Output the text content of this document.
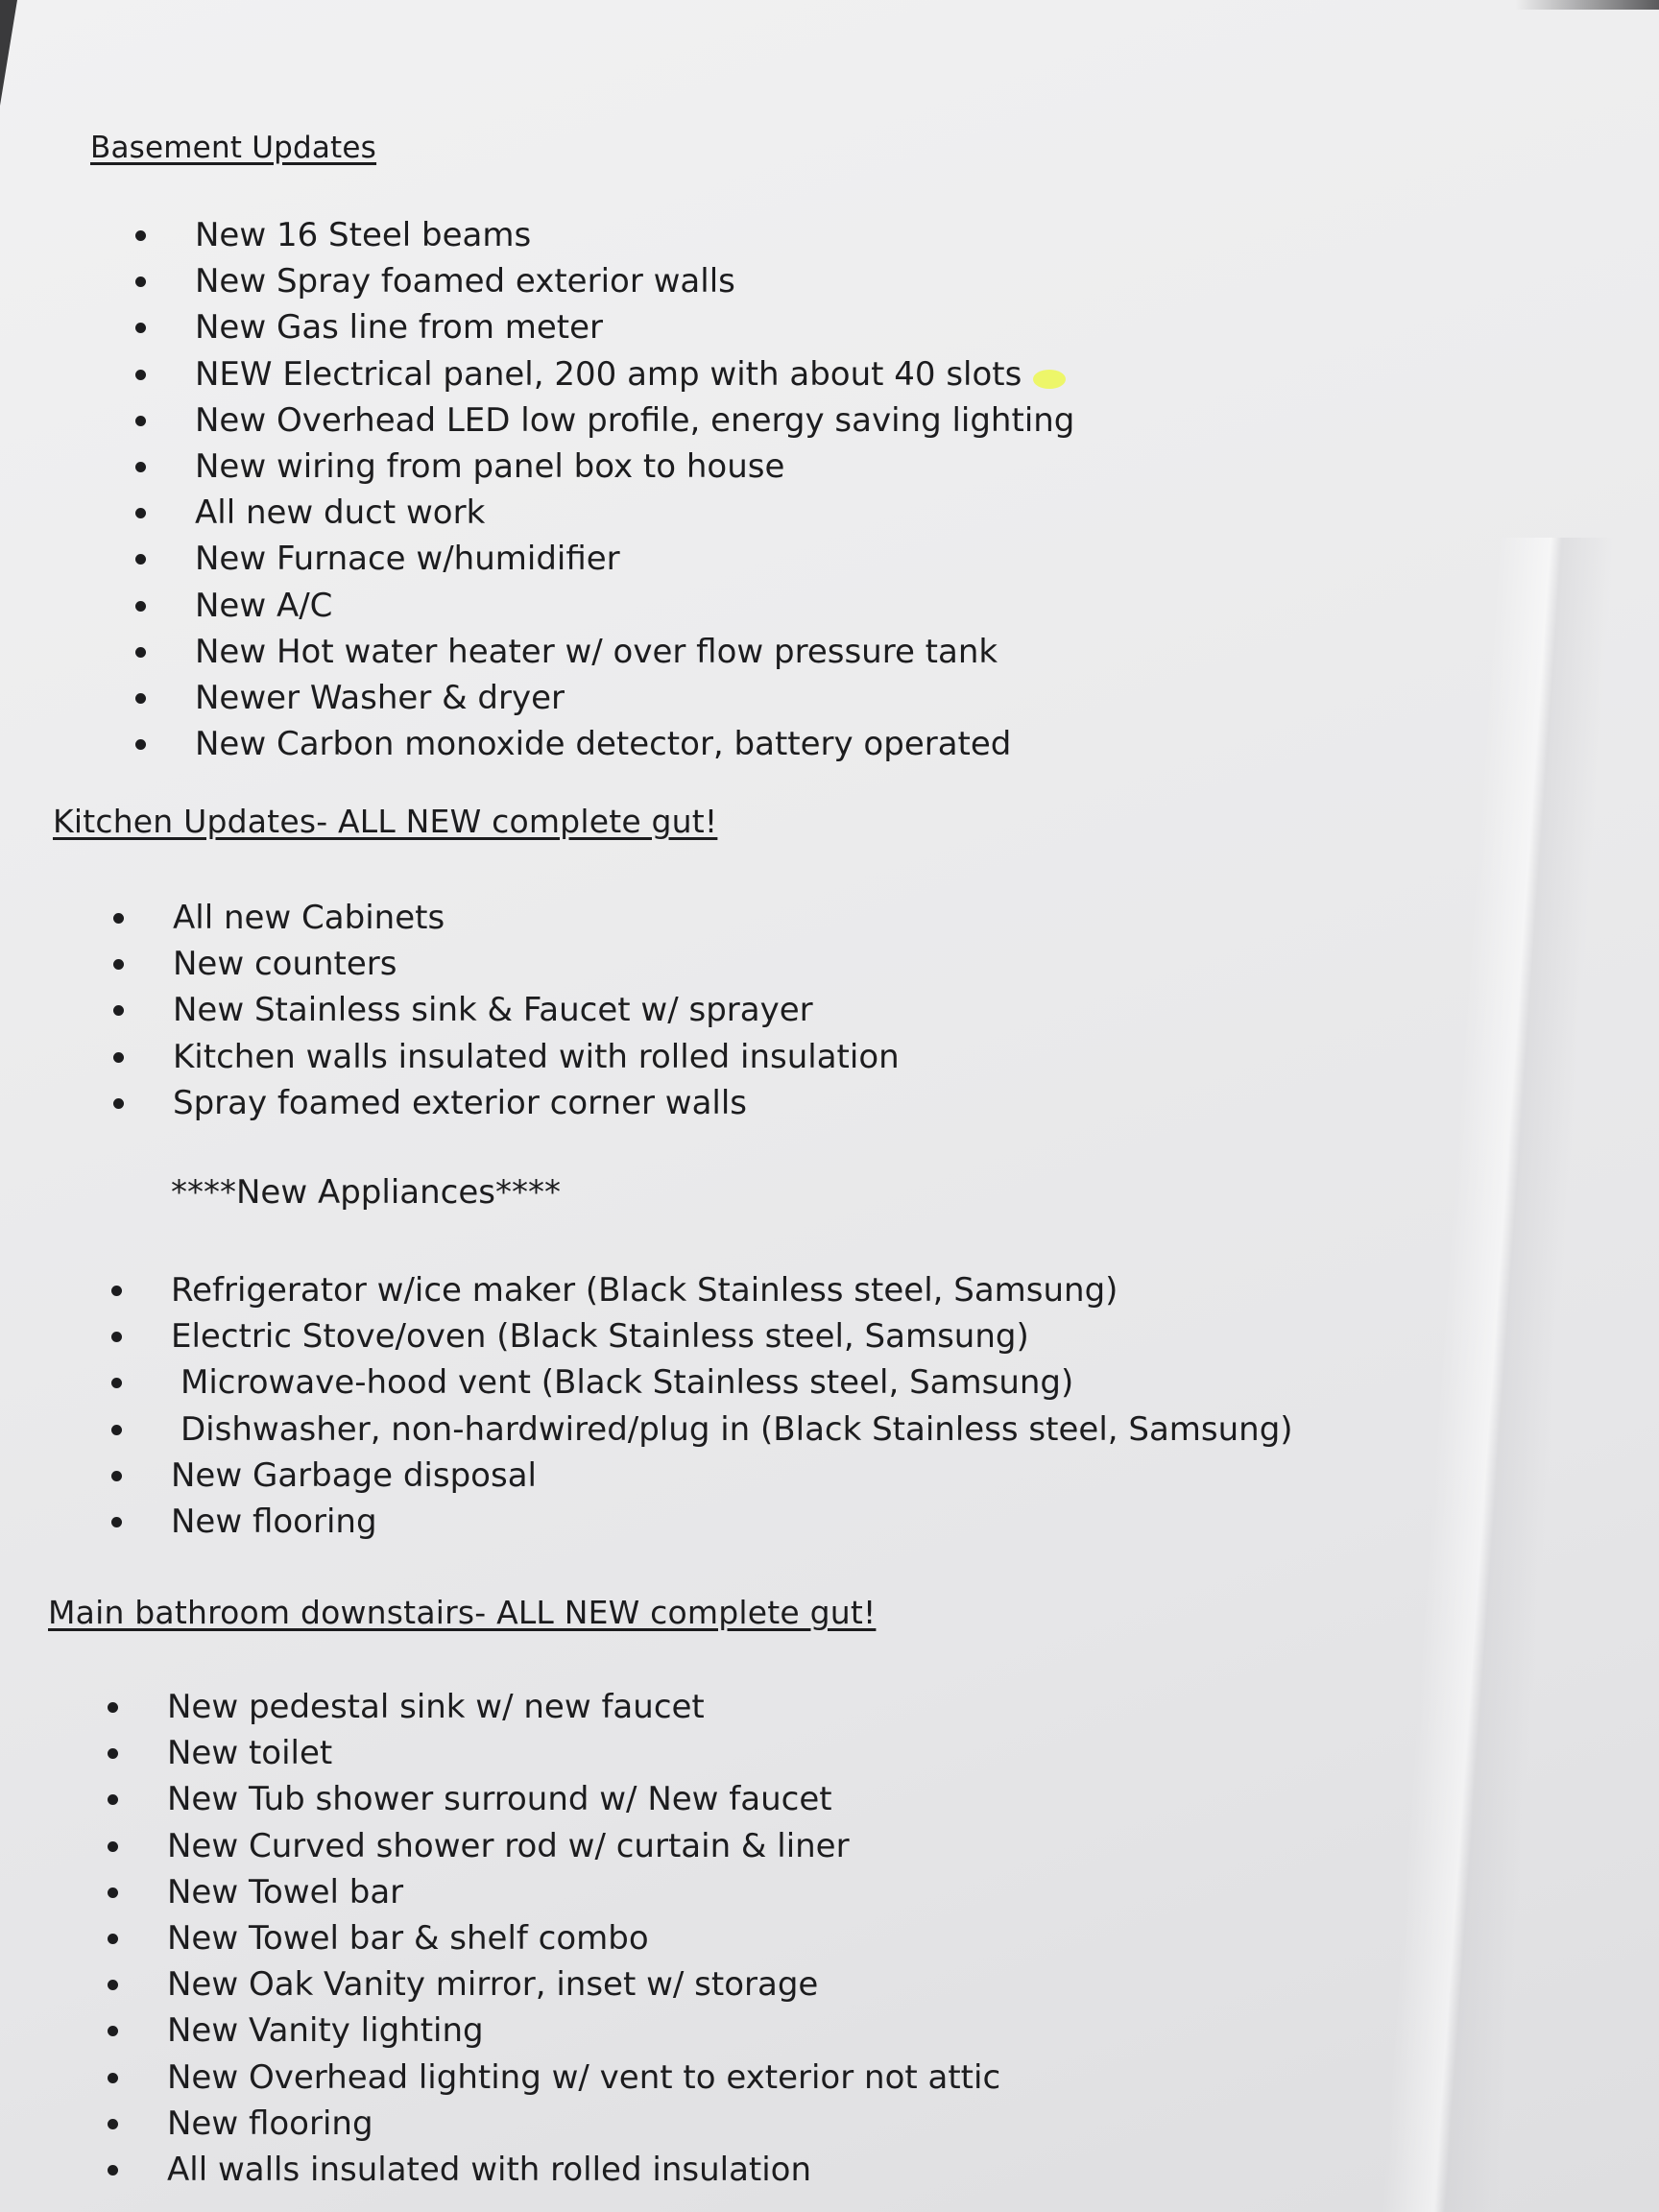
Basement Updates
New 16 Steel beams
New Spray foamed exterior walls
New Gas line from meter
NEW Electrical panel, 200 amp with about 40 slots
New Overhead LED low profile, energy saving lighting
New wiring from panel box to house
All new duct work
New Furnace w/humidifier
New A/C
New Hot water heater w/ over flow pressure tank
Newer Washer & dryer
New Carbon monoxide detector, battery operated
Kitchen Updates- ALL NEW complete gut!
All new Cabinets
New counters
New Stainless sink & Faucet w/ sprayer
Kitchen walls insulated with rolled insulation
Spray foamed exterior corner walls

****New Appliances****

Refrigerator w/ice maker (Black Stainless steel, Samsung)
Electric Stove/oven (Black Stainless steel, Samsung)
Microwave-hood vent (Black Stainless steel, Samsung)
Dishwasher, non-hardwired/plug in (Black Stainless steel, Samsung)
New Garbage disposal
New flooring
Main bathroom downstairs- ALL NEW complete gut!
New pedestal sink w/ new faucet
New toilet
New Tub shower surround w/ New faucet
New Curved shower rod w/ curtain & liner
New Towel bar
New Towel bar & shelf combo
New Oak Vanity mirror, inset w/ storage
New Vanity lighting
New Overhead lighting w/ vent to exterior not attic
New flooring
All walls insulated with rolled insulation
